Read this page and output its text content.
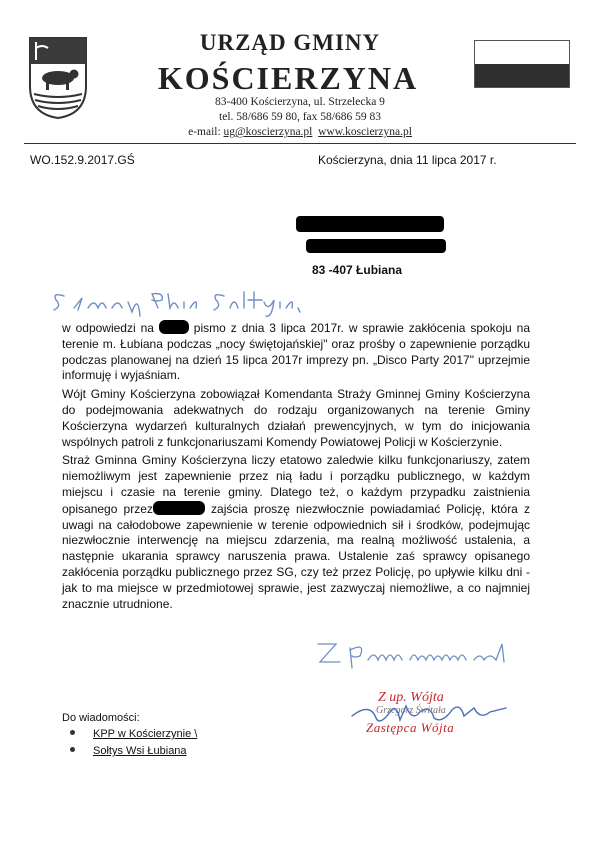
URZĄD GMINY
KOŚCIERZYNA
83-400 Kościerzyna, ul. Strzelecka 9
tel. 58/686 59 80, fax 58/686 59 83
e-mail: ug@koscierzyna.pl www.koscierzyna.pl
WO.152.9.2017.GŚ	Kościerzyna, dnia 11 lipca 2017 r.
83 -407 Łubiana

w odpowiedzi na	pismo z dnia 3 lipca 2017r. w sprawie zakłócenia spokoju na terenie m. Łubiana podczas „nocy świętojańskiej" oraz prośby o zapewnienie porządku podczas planowanej na dzień 15 lipca 2017r imprezy pn. „Disco Party 2017" uprzejmie informuję i wyjaśniam.

Wójt Gminy Kościerzyna zobowiązał Komendanta Straży Gminnej Gminy Kościerzyna do podejmowania adekwatnych do rodzaju organizowanych na terenie Gminy Kościerzyna wydarzeń kulturalnych działań prewencyjnych, w tym do inicjowania wspólnych patroli z funkcjonariuszami Komendy Powiatowej Policji w Kościerzynie.

Straż Gminna Gminy Kościerzyna liczy etatowo zaledwie kilku funkcjonariuszy, zatem niemożliwym jest zapewnienie przez nią ładu i porządku publicznego, w każdym miejscu i czasie na terenie gminy. Dlatego też, o każdym przypadku zaistnienia opisanego przez	zajścia proszę niezwłocznie powiadamiać Policję, która z uwagi na całodobowe zapewnienie w terenie odpowiednich sił i środków, podejmując niezwłocznie interwencję na miejscu zdarzenia, ma realną możliwość ustalenia, a następnie ukarania sprawcy naruszenia prawa. Ustalenie zaś sprawcy opisanego zakłócenia porządku publicznego przez SG, czy też przez Policję, po upływie kilku dni - jak to ma miejsce w przedmiotowej sprawie, jest zazwyczaj niemożliwe, a co najmniej znacznie utrudnione.

Do wiadomości:
KPP w Kościerzynie \
Sołtys Wsi Łubiana
Z up. Wójta
Grzegorz Świtała
Zastępca Wójta
